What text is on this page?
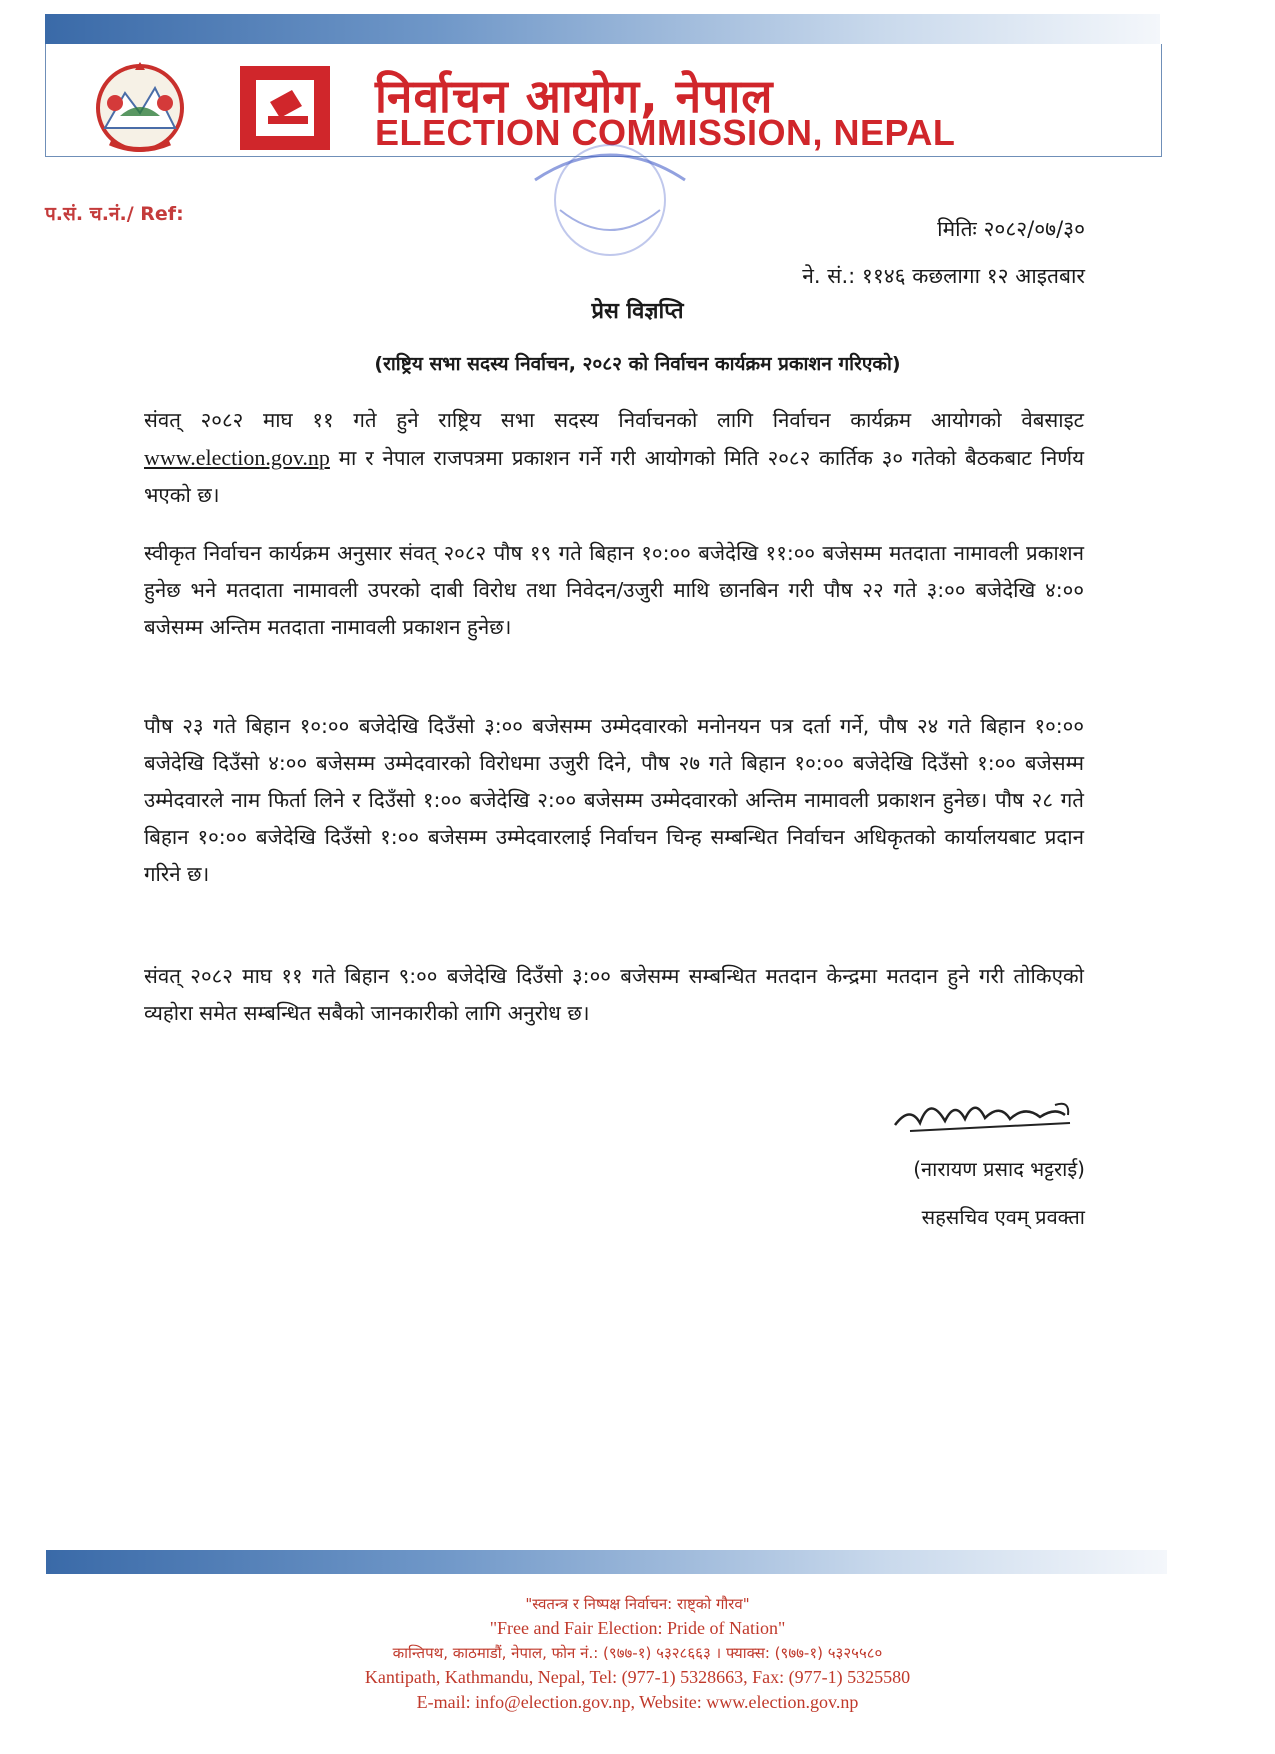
निर्वाचन आयोग, नेपाल
ELECTION COMMISSION, NEPAL
प.सं. च.नं./ Ref:
मितिः २०८२/०७/३०
ने. सं.: ११४६ कछलागा १२ आइतबार
प्रेस विज्ञप्ति
(राष्ट्रिय सभा सदस्य निर्वाचन, २०८२ को निर्वाचन कार्यक्रम प्रकाशन गरिएको)
संवत् २०८२ माघ ११ गते हुने राष्ट्रिय सभा सदस्य निर्वाचनको लागि निर्वाचन कार्यक्रम आयोगको वेबसाइट www.election.gov.np मा र नेपाल राजपत्रमा प्रकाशन गर्ने गरी आयोगको मिति २०८२ कार्तिक ३० गतेको बैठकबाट निर्णय भएको छ।
स्वीकृत निर्वाचन कार्यक्रम अनुसार संवत् २०८२ पौष १९ गते बिहान १०:०० बजेदेखि ११:०० बजेसम्म मतदाता नामावली प्रकाशन हुनेछ भने मतदाता नामावली उपरको दाबी विरोध तथा निवेदन/उजुरी माथि छानबिन गरी पौष २२ गते ३:०० बजेदेखि ४:०० बजेसम्म अन्तिम मतदाता नामावली प्रकाशन हुनेछ।
पौष २३ गते बिहान १०:०० बजेदेखि दिउँसो ३:०० बजेसम्म उम्मेदवारको मनोनयन पत्र दर्ता गर्ने, पौष २४ गते बिहान १०:०० बजेदेखि दिउँसो ४:०० बजेसम्म उम्मेदवारको विरोधमा उजुरी दिने, पौष २७ गते बिहान १०:०० बजेदेखि दिउँसो १:०० बजेसम्म उम्मेदवारले नाम फिर्ता लिने र दिउँसो १:०० बजेदेखि २:०० बजेसम्म उम्मेदवारको अन्तिम नामावली प्रकाशन हुनेछ। पौष २८ गते बिहान १०:०० बजेदेखि दिउँसो १:०० बजेसम्म उम्मेदवारलाई निर्वाचन चिन्ह सम्बन्धित निर्वाचन अधिकृतको कार्यालयबाट प्रदान गरिने छ।
संवत् २०८२ माघ ११ गते बिहान ९:०० बजेदेखि दिउँसो ३:०० बजेसम्म सम्बन्धित मतदान केन्द्रमा मतदान हुने गरी तोकिएको व्यहोरा समेत सम्बन्धित सबैको जानकारीको लागि अनुरोध छ।
(नारायण प्रसाद भट्टराई)
सहसचिव एवम् प्रवक्ता
"स्वतन्त्र र निष्पक्ष निर्वाचन: राष्ट्को गौरव"
"Free and Fair Election: Pride of Nation"
कान्तिपथ, काठमाडौं, नेपाल, फोन नं.: (९७७-१) ५३२८६६३ । फ्याक्स: (९७७-१) ५३२५५८०
Kantipath, Kathmandu, Nepal, Tel: (977-1) 5328663, Fax: (977-1) 5325580
E-mail: info@election.gov.np, Website: www.election.gov.np
